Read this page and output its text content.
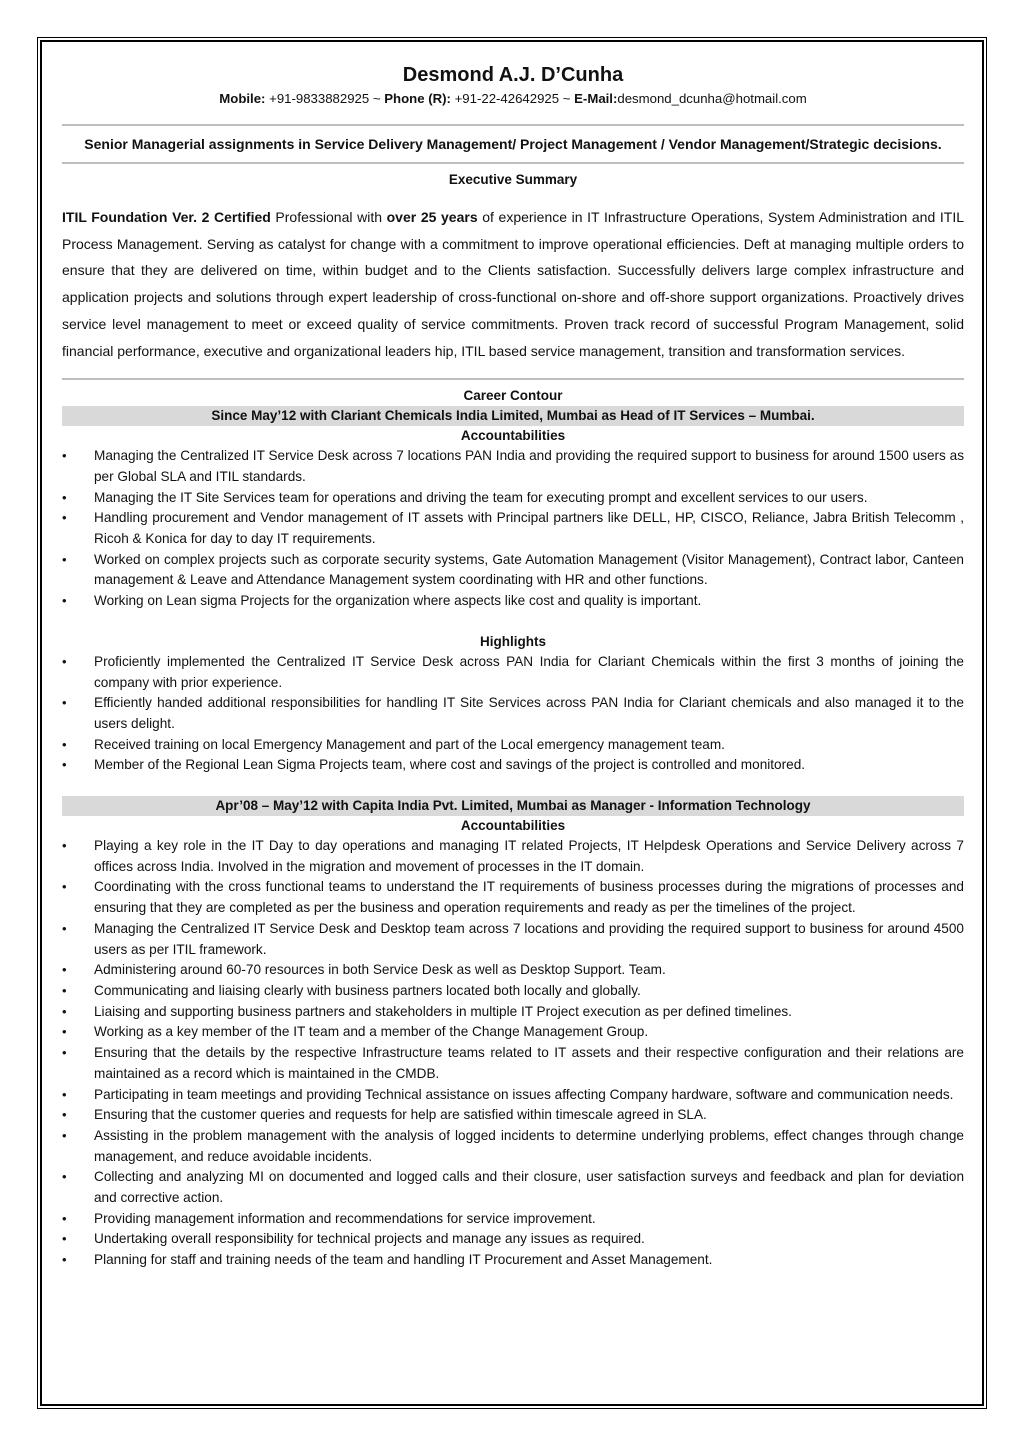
Desmond A.J. D’Cunha

Mobile: +91-9833882925 ~ Phone (R): +91-22-42642925 ~ E-Mail:desmond_dcunha@hotmail.com

Senior Managerial assignments in Service Delivery Management/ Project Management / Vendor Management/Strategic decisions.

Executive Summary

ITIL Foundation Ver. 2 Certified Professional with over 25 years of experience in IT Infrastructure Operations, System Administration and ITIL Process Management. Serving as catalyst for change with a commitment to improve operational efficiencies. Deft at managing multiple orders to ensure that they are delivered on time, within budget and to the Clients satisfaction. Successfully delivers large complex infrastructure and application projects and solutions through expert leadership of cross-functional on-shore and off-shore support organizations. Proactively drives service level management to meet or exceed quality of service commitments. Proven track record of successful Program Management, solid financial performance, executive and organizational leaders hip, ITIL based service management, transition and transformation services.

Career Contour

Since May’12 with Clariant Chemicals India Limited, Mumbai as Head of IT Services – Mumbai.

Accountabilities

• Managing the Centralized IT Service Desk across 7 locations PAN India and providing the required support to business for around 1500 users as per Global SLA and ITIL standards.
• Managing the IT Site Services team for operations and driving the team for executing prompt and excellent services to our users.
• Handling procurement and Vendor management of IT assets with Principal partners like DELL, HP, CISCO, Reliance, Jabra British Telecomm , Ricoh & Konica for day to day IT requirements.
• Worked on complex projects such as corporate security systems, Gate Automation Management (Visitor Management), Contract labor, Canteen management & Leave and Attendance Management system coordinating with HR and other functions.
• Working on Lean sigma Projects for the organization where aspects like cost and quality is important.

Highlights

• Proficiently implemented the Centralized IT Service Desk across PAN India for Clariant Chemicals within the first 3 months of joining the company with prior experience.
• Efficiently handed additional responsibilities for handling IT Site Services across PAN India for Clariant chemicals and also managed it to the users delight.
• Received training on local Emergency Management and part of the Local emergency management team.
• Member of the Regional Lean Sigma Projects team, where cost and savings of the project is controlled and monitored.

Apr’08 – May’12 with Capita India Pvt. Limited, Mumbai as Manager - Information Technology

Accountabilities

• Playing a key role in the IT Day to day operations and managing IT related Projects, IT Helpdesk Operations and Service Delivery across 7 offices across India. Involved in the migration and movement of processes in the IT domain.
• Coordinating with the cross functional teams to understand the IT requirements of business processes during the migrations of processes and ensuring that they are completed as per the business and operation requirements and ready as per the timelines of the project.
• Managing the Centralized IT Service Desk and Desktop team across 7 locations and providing the required support to business for around 4500 users as per ITIL framework.
• Administering around 60-70 resources in both Service Desk as well as Desktop Support. Team.
• Communicating and liaising clearly with business partners located both locally and globally.
• Liaising and supporting business partners and stakeholders in multiple IT Project execution as per defined timelines.
• Working as a key member of the IT team and a member of the Change Management Group.
• Ensuring that the details by the respective Infrastructure teams related to IT assets and their respective configuration and their relations are maintained as a record which is maintained in the CMDB.
• Participating in team meetings and providing Technical assistance on issues affecting Company hardware, software and communication needs.
• Ensuring that the customer queries and requests for help are satisfied within timescale agreed in SLA.
• Assisting in the problem management with the analysis of logged incidents to determine underlying problems, effect changes through change management, and reduce avoidable incidents.
• Collecting and analyzing MI on documented and logged calls and their closure, user satisfaction surveys and feedback and plan for deviation and corrective action.
• Providing management information and recommendations for service improvement.
• Undertaking overall responsibility for technical projects and manage any issues as required.
• Planning for staff and training needs of the team and handling IT Procurement and Asset Management.
